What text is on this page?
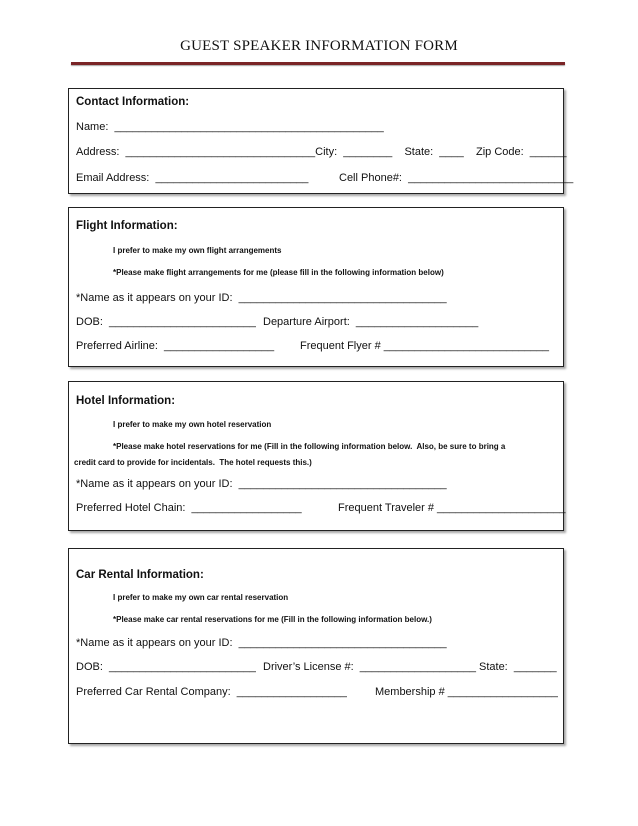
GUEST SPEAKER INFORMATION FORM
Contact Information:
Name:  ____________________________________________
Address:  _______________________________City:  ________    State:  ____    Zip Code:  ______
Email Address:  _________________________	Cell Phone#:  ___________________________
Flight Information:
I prefer to make my own flight arrangements
*Please make flight arrangements for me (please fill in the following information below)
*Name as it appears on your ID:  __________________________________
DOB:  ________________________ Departure Airport:  ____________________
Preferred Airline:  __________________ Frequent Flyer # ___________________________
Hotel Information:
I prefer to make my own hotel reservation
*Please make hotel reservations for me (Fill in the following information below.  Also, be sure to bring a
credit card to provide for incidentals.  The hotel requests this.)
*Name as it appears on your ID:  __________________________________
Preferred Hotel Chain:  __________________	Frequent Traveler # _____________________
Car Rental Information:
I prefer to make my own car rental reservation
*Please make car rental reservations for me (Fill in the following information below.)
*Name as it appears on your ID:  __________________________________
DOB:  ________________________ Driver’s License #:  ___________________ State:  _______
Preferred Car Rental Company:  __________________	Membership # __________________
